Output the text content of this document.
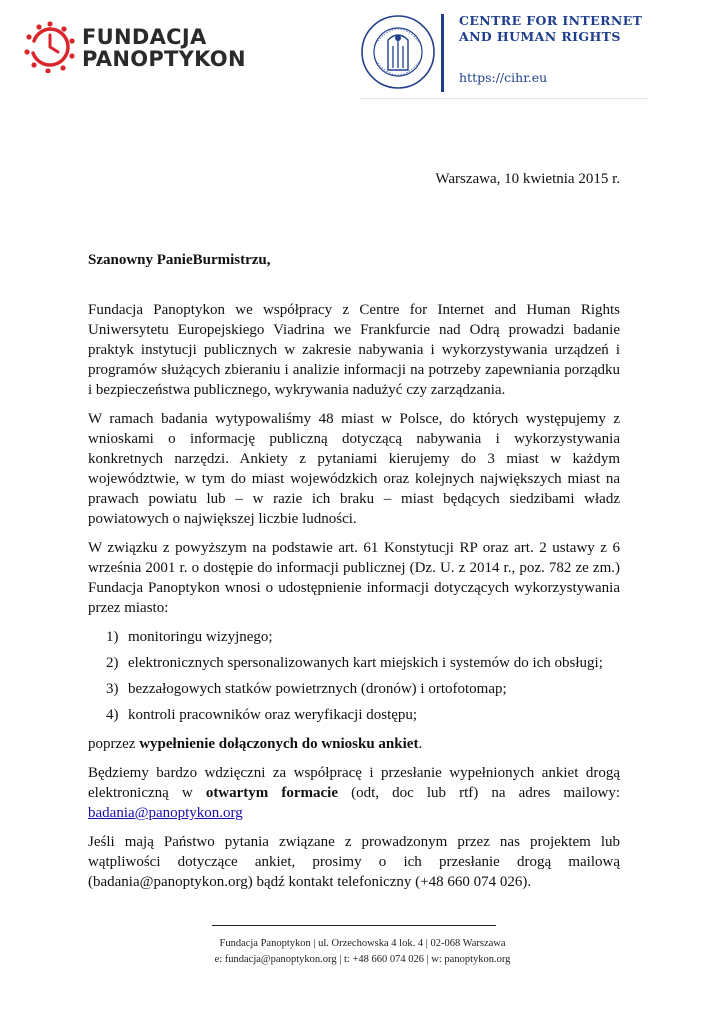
FUNDACJA
PANOPTYKON
CENTRE FOR INTERNET
AND HUMAN RIGHTS
https://cihr.eu
Warszawa, 10 kwietnia 2015 r.
Szanowny PanieBurmistrzu,

Fundacja Panoptykon we współpracy z Centre for Internet and Human Rights Uniwersytetu Europejskiego Viadrina we Frankfurcie nad Odrą prowadzi badanie praktyk instytucji publicznych w zakresie nabywania i wykorzystywania urządzeń i programów służących zbieraniu i analizie informacji na potrzeby zapewniania porządku i bezpieczeństwa publicznego, wykrywania nadużyć czy zarządzania.

W ramach badania wytypowaliśmy 48 miast w Polsce, do których występujemy z wnioskami o informację publiczną dotyczącą nabywania i wykorzystywania konkretnych narzędzi. Ankiety z pytaniami kierujemy do 3 miast w każdym województwie, w tym do miast wojewódzkich oraz kolejnych największych miast na prawach powiatu lub – w razie ich braku – miast będących siedzibami władz powiatowych o największej liczbie ludności.

W związku z powyższym na podstawie art. 61 Konstytucji RP oraz art. 2 ustawy z 6 września 2001 r. o dostępie do informacji publicznej (Dz. U. z 2014 r., poz. 782 ze zm.) Fundacja Panoptykon wnosi o udostępnienie informacji dotyczących wykorzystywania przez miasto:

1) monitoringu wizyjnego;
2) elektronicznych spersonalizowanych kart miejskich i systemów do ich obsługi;
3) bezzałogowych statków powietrznych (dronów) i ortofotomap;
4) kontroli pracowników oraz weryfikacji dostępu;

poprzez wypełnienie dołączonych do wniosku ankiet.

Będziemy bardzo wdzięczni za współpracę i przesłanie wypełnionych ankiet drogą elektroniczną w otwartym formacie (odt, doc lub rtf) na adres mailowy: badania@panoptykon.org

Jeśli mają Państwo pytania związane z prowadzonym przez nas projektem lub wątpliwości dotyczące ankiet, prosimy o ich przesłanie drogą mailową (badania@panoptykon.org) bądź kontakt telefoniczny (+48 660 074 026).

Fundacja Panoptykon | ul. Orzechowska 4 lok. 4 | 02-068 Warszawa
e: fundacja@panoptykon.org | t: +48 660 074 026 | w: panoptykon.org
